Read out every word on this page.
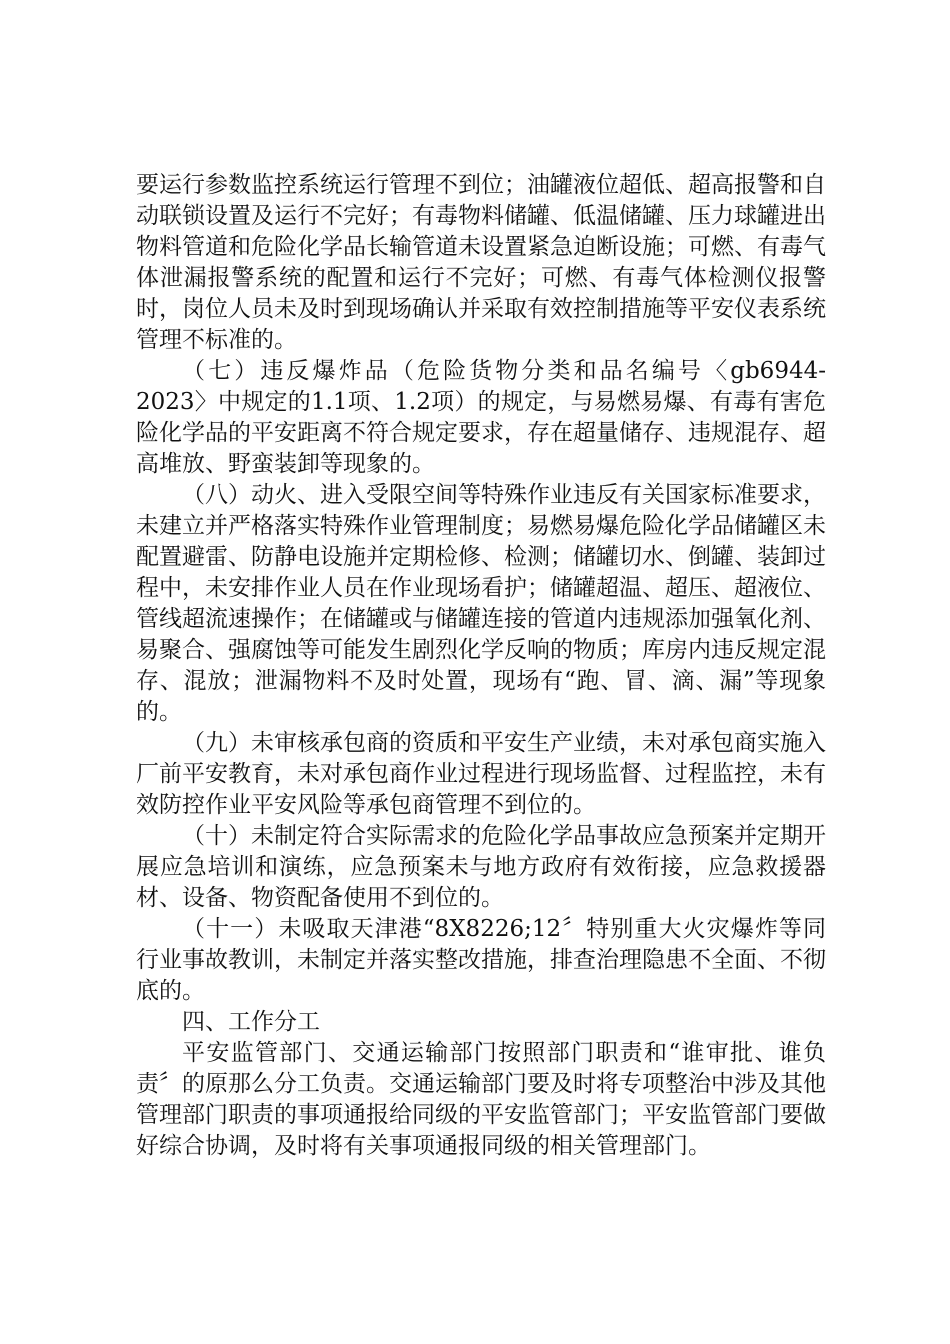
要运行参数监控系统运行管理不到位；油罐液位超低、超高报警和自动联锁设置及运行不完好；有毒物料储罐、低温储罐、压力球罐进出物料管道和危险化学品长输管道未设置紧急迫断设施；可燃、有毒气体泄漏报警系统的配置和运行不完好；可燃、有毒气体检测仪报警时，岗位人员未及时到现场确认并采取有效控制措施等平安仪表系统管理不标准的。

（七）违反爆炸品（危险货物分类和品名编号〈gb6944-2023〉中规定的1.1项、1.2项）的规定，与易燃易爆、有毒有害危险化学品的平安距离不符合规定要求，存在超量储存、违规混存、超高堆放、野蛮装卸等现象的。

（八）动火、进入受限空间等特殊作业违反有关国家标准要求，未建立并严格落实特殊作业管理制度；易燃易爆危险化学品储罐区未配置避雷、防静电设施并定期检修、检测；储罐切水、倒罐、装卸过程中，未安排作业人员在作业现场看护；储罐超温、超压、超液位、管线超流速操作；在储罐或与储罐连接的管道内违规添加强氧化剂、易聚合、强腐蚀等可能发生剧烈化学反响的物质；库房内违反规定混存、混放；泄漏物料不及时处置，现场有“跑、冒、滴、漏”等现象的。

（九）未审核承包商的资质和平安生产业绩，未对承包商实施入厂前平安教育，未对承包商作业过程进行现场监督、过程监控，未有效防控作业平安风险等承包商管理不到位的。

（十）未制定符合实际需求的危险化学品事故应急预案并定期开展应急培训和演练，应急预案未与地方政府有效衔接，应急救援器材、设备、物资配备使用不到位的。

（十一）未吸取天津港“8X8226;12〞特别重大火灾爆炸等同行业事故教训，未制定并落实整改措施，排查治理隐患不全面、不彻底的。

四、工作分工

平安监管部门、交通运输部门按照部门职责和“谁审批、谁负责〞的原那么分工负责。交通运输部门要及时将专项整治中涉及其他管理部门职责的事项通报给同级的平安监管部门；平安监管部门要做好综合协调，及时将有关事项通报同级的相关管理部门。
